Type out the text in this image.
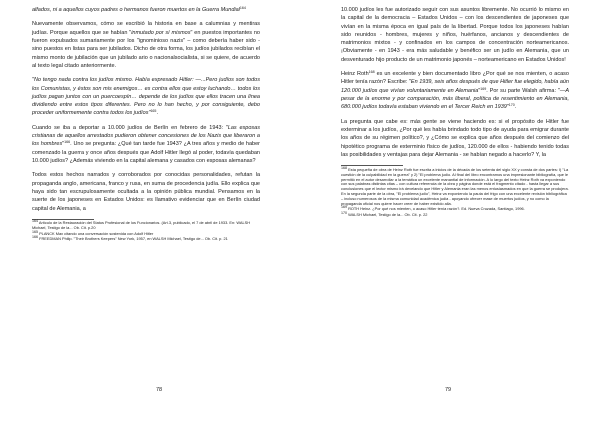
alfados, ni a aquellos cuyos padres o hermanos fueron muertos en la Guerra Mundial$^{164}$

Nuevamente observamos, cómo se escribió la historia en base a calumnias y mentiras judías. Porque aquellos que se habían "inmutado por sí mismos" en puestos importantes no fueron expulsados sumariamente por los "ignominioso nazis" – como debería haber sido - sino puestos en listas para ser jubilados. Dicho de otra forma, los judíos jubilados recibían el mismo monto de jubilación que un jubilado ario o nacionalsocialista, si se quiere, de acuerdo al texto legal citado anteriormente.

"No tengo nada contra los judíos mismo. Había expresado Hitler: —...Pero judíos son todos los Comunistas, y éstos son mis enemigos… es contra ellos que estoy luchando… todos los judíos pagan juntos con un puercoespín… depende de los judíos que ellos tracen una línea dividiendo entre estos tipos diferentes. Pero no lo han hecho, y por consiguiente, debo proceder uniformemente contra todos los judíos"$^{165}$.

Cuando se iba a deportar a 10.000 judíos de Berlín en febrero de 1943: "Las esposas cristianas de aquellos arrestados pudieron obtener concesiones de los Nazis que liberaron a los hombres"$^{166}$. Uno se pregunta: ¿Qué tan tarde fue 1943? ¿A tres años y medio de haber comenzado la guerra y once años después que Adolf Hitler llegó al poder, todavía quedaban 10.000 judíos? ¿Además viviendo en la capital alemana y casados con esposas alemanas?

Todos estos hechos narrados y corroborados por conocidas personalidades, refutan la propaganda anglo, americana, franco y rusa, en suma de procedencia judía. Ello explica que haya sido tan escrupulosamente ocultada a la opinión pública mundial. Pensamos en la suerte de los japoneses en Estados Unidos: es llamativo evidenciar que en Berlín ciudad capital de Alemania, a

$^{164}$ Artículo de la Restauración del Status Profesional de los Funcionarios. (Art.3, publicado, el 7 de abril de 1933. En: WALSH Michael, Testigo de la... Ob. Cit. p.20

$^{165}$ PLANCK Max citando una conversación sostenida con Adolf Hitler

$^{166}$ FREEDMAN Philip. "Their Brothers Keepers" New York, 1957, en WALSH Michael, Testigo de... Ob. Cit. p. 21

78

10.000 judíos les fue autorizado seguir con sus asuntos libremente. No ocurrió lo mismo en la capital de la democracia – Estados Unidos – con los descendientes de japoneses que vivían en la misma época en igual país de la libertad. Porque todos los japoneses habían sido reunidos - hombres, mujeres y niños, huérfanos, ancianos y descendientes de matrimonios mixtos - y confinados en los campos de concentración norteamericanos. ¡Obviamente - en 1943 - era más saludable y benéfico ser un judío en Alemania, que un desventurado hijo producto de un matrimonio japonés – norteamericano en Estados Unidos!

Heinz Roth$^{168}$ es un excelente y bien documentado libro ¿Por qué se nos mienten, o acaso Hitler tenía razón? Escribe: "En 1939, seis años después de que Hitler fue elegido, había aún 120.000 judíos que vivían voluntariamente en Alemania"$^{169}$. Por su parte Walsh afirma: "—A pesar de la enorme y por comparación, más liberal, política de resentimiento en Alemania, 680.000 judíos todavía estaban viviendo en el Tercer Reich en 1939"$^{170}$.

La pregunta que cabe es: más gente se viene haciendo es: si el propósito de Hitler fue exterminar a los judíos, ¿Por qué les había brindado todo tipo de ayuda para emigrar durante los años de su régimen político?, y ¿Cómo se explica que años después del comienzo del hipotético programa de exterminio físico de judíos, 120.000 de ellos - habiendo tenido todas las posibilidades y ventajas para dejar Alemania - se habían negado a hacerlo? Y, la

$^{168}$ Esta pequeña de obra de Heinz Roth fue escrita a inicios de la década de los setenta del siglo XX y consta de dos partes: I) "La cuestión de la culpabilidad en la guerra" y 2) "El problema judío. Al final del libro encontramos una impresionante bibliografía, que le permitió en el autor desarrollar a la temática un excelente manantial de información. A lo largo del texto Heinz Roth va exponiendo con sus palabras distintas citas – con cultura referencia de la obra y página donde está el fragmento citado - hasta llegar a sus conclusiones que el lector mismo irá develando que Hitler y Alemania eran las menos entusiasmados en que la guerra se produjera. En la segunda parte de la obra, "El problema judío", Heinz va exponiendo la pauta del frigo con una excelente revisión bibliográfica – incluso numerosos de la misma comunidad académica judía - apoyando ofrecer mase de muertos judíos, y no como la propaganda oficial nos quiere hacer creer de haber existido alla.

$^{169}$ ROTH Heinz. ¿Por qué nos mienten, o acaso Hitler tenía razón?. Ed. Nueva Cruzada, Santiago, 1996.

$^{170}$ WALSH Michael, Testigo de la... Ob. Cit. p. 22

79
